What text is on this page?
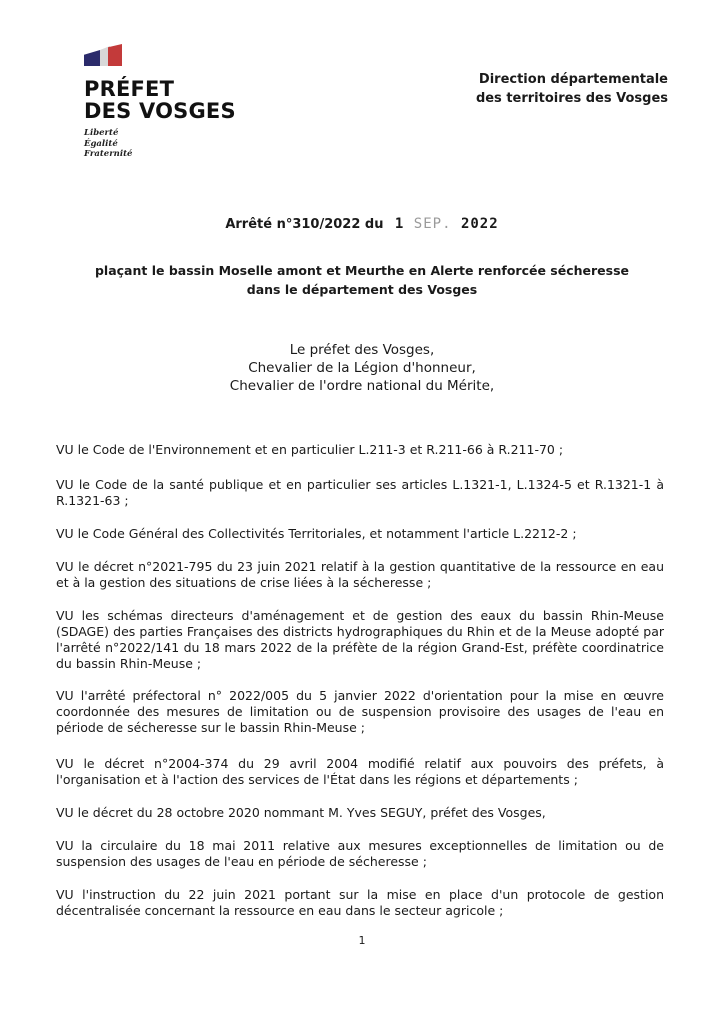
PRÉFET
DES VOSGES
Liberté
Égalité
Fraternité
Direction départementale
des territoires des Vosges
Arrêté n°310/2022 du 1 SEP. 2022
plaçant le bassin Moselle amont et Meurthe en Alerte renforcée sécheresse
dans le département des Vosges
Le préfet des Vosges,
Chevalier de la Légion d'honneur,
Chevalier de l'ordre national du Mérite,

VU le Code de l'Environnement et en particulier L.211-3 et R.211-66 à R.211-70 ;

VU le Code de la santé publique et en particulier ses articles L.1321-1, L.1324-5 et R.1321-1 à R.1321-63 ;

VU le Code Général des Collectivités Territoriales, et notamment l'article L.2212-2 ;

VU le décret n°2021-795 du 23 juin 2021 relatif à la gestion quantitative de la ressource en eau et à la gestion des situations de crise liées à la sécheresse ;

VU les schémas directeurs d'aménagement et de gestion des eaux du bassin Rhin-Meuse (SDAGE) des parties Françaises des districts hydrographiques du Rhin et de la Meuse adopté par l'arrêté n°2022/141 du 18 mars 2022 de la préfète de la région Grand-Est, préfète coordinatrice du bassin Rhin-Meuse ;

VU l'arrêté préfectoral n° 2022/005 du 5 janvier 2022 d'orientation pour la mise en œuvre coordonnée des mesures de limitation ou de suspension provisoire des usages de l'eau en période de sécheresse sur le bassin Rhin-Meuse ;

VU le décret n°2004-374 du 29 avril 2004 modifié relatif aux pouvoirs des préfets, à l'organisation et à l'action des services de l'État dans les régions et départements ;

VU le décret du 28 octobre 2020 nommant M. Yves SEGUY, préfet des Vosges,

VU la circulaire du 18 mai 2011 relative aux mesures exceptionnelles de limitation ou de suspension des usages de l'eau en période de sécheresse ;

VU l'instruction du 22 juin 2021 portant sur la mise en place d'un protocole de gestion décentralisée concernant la ressource en eau dans le secteur agricole ;

1
